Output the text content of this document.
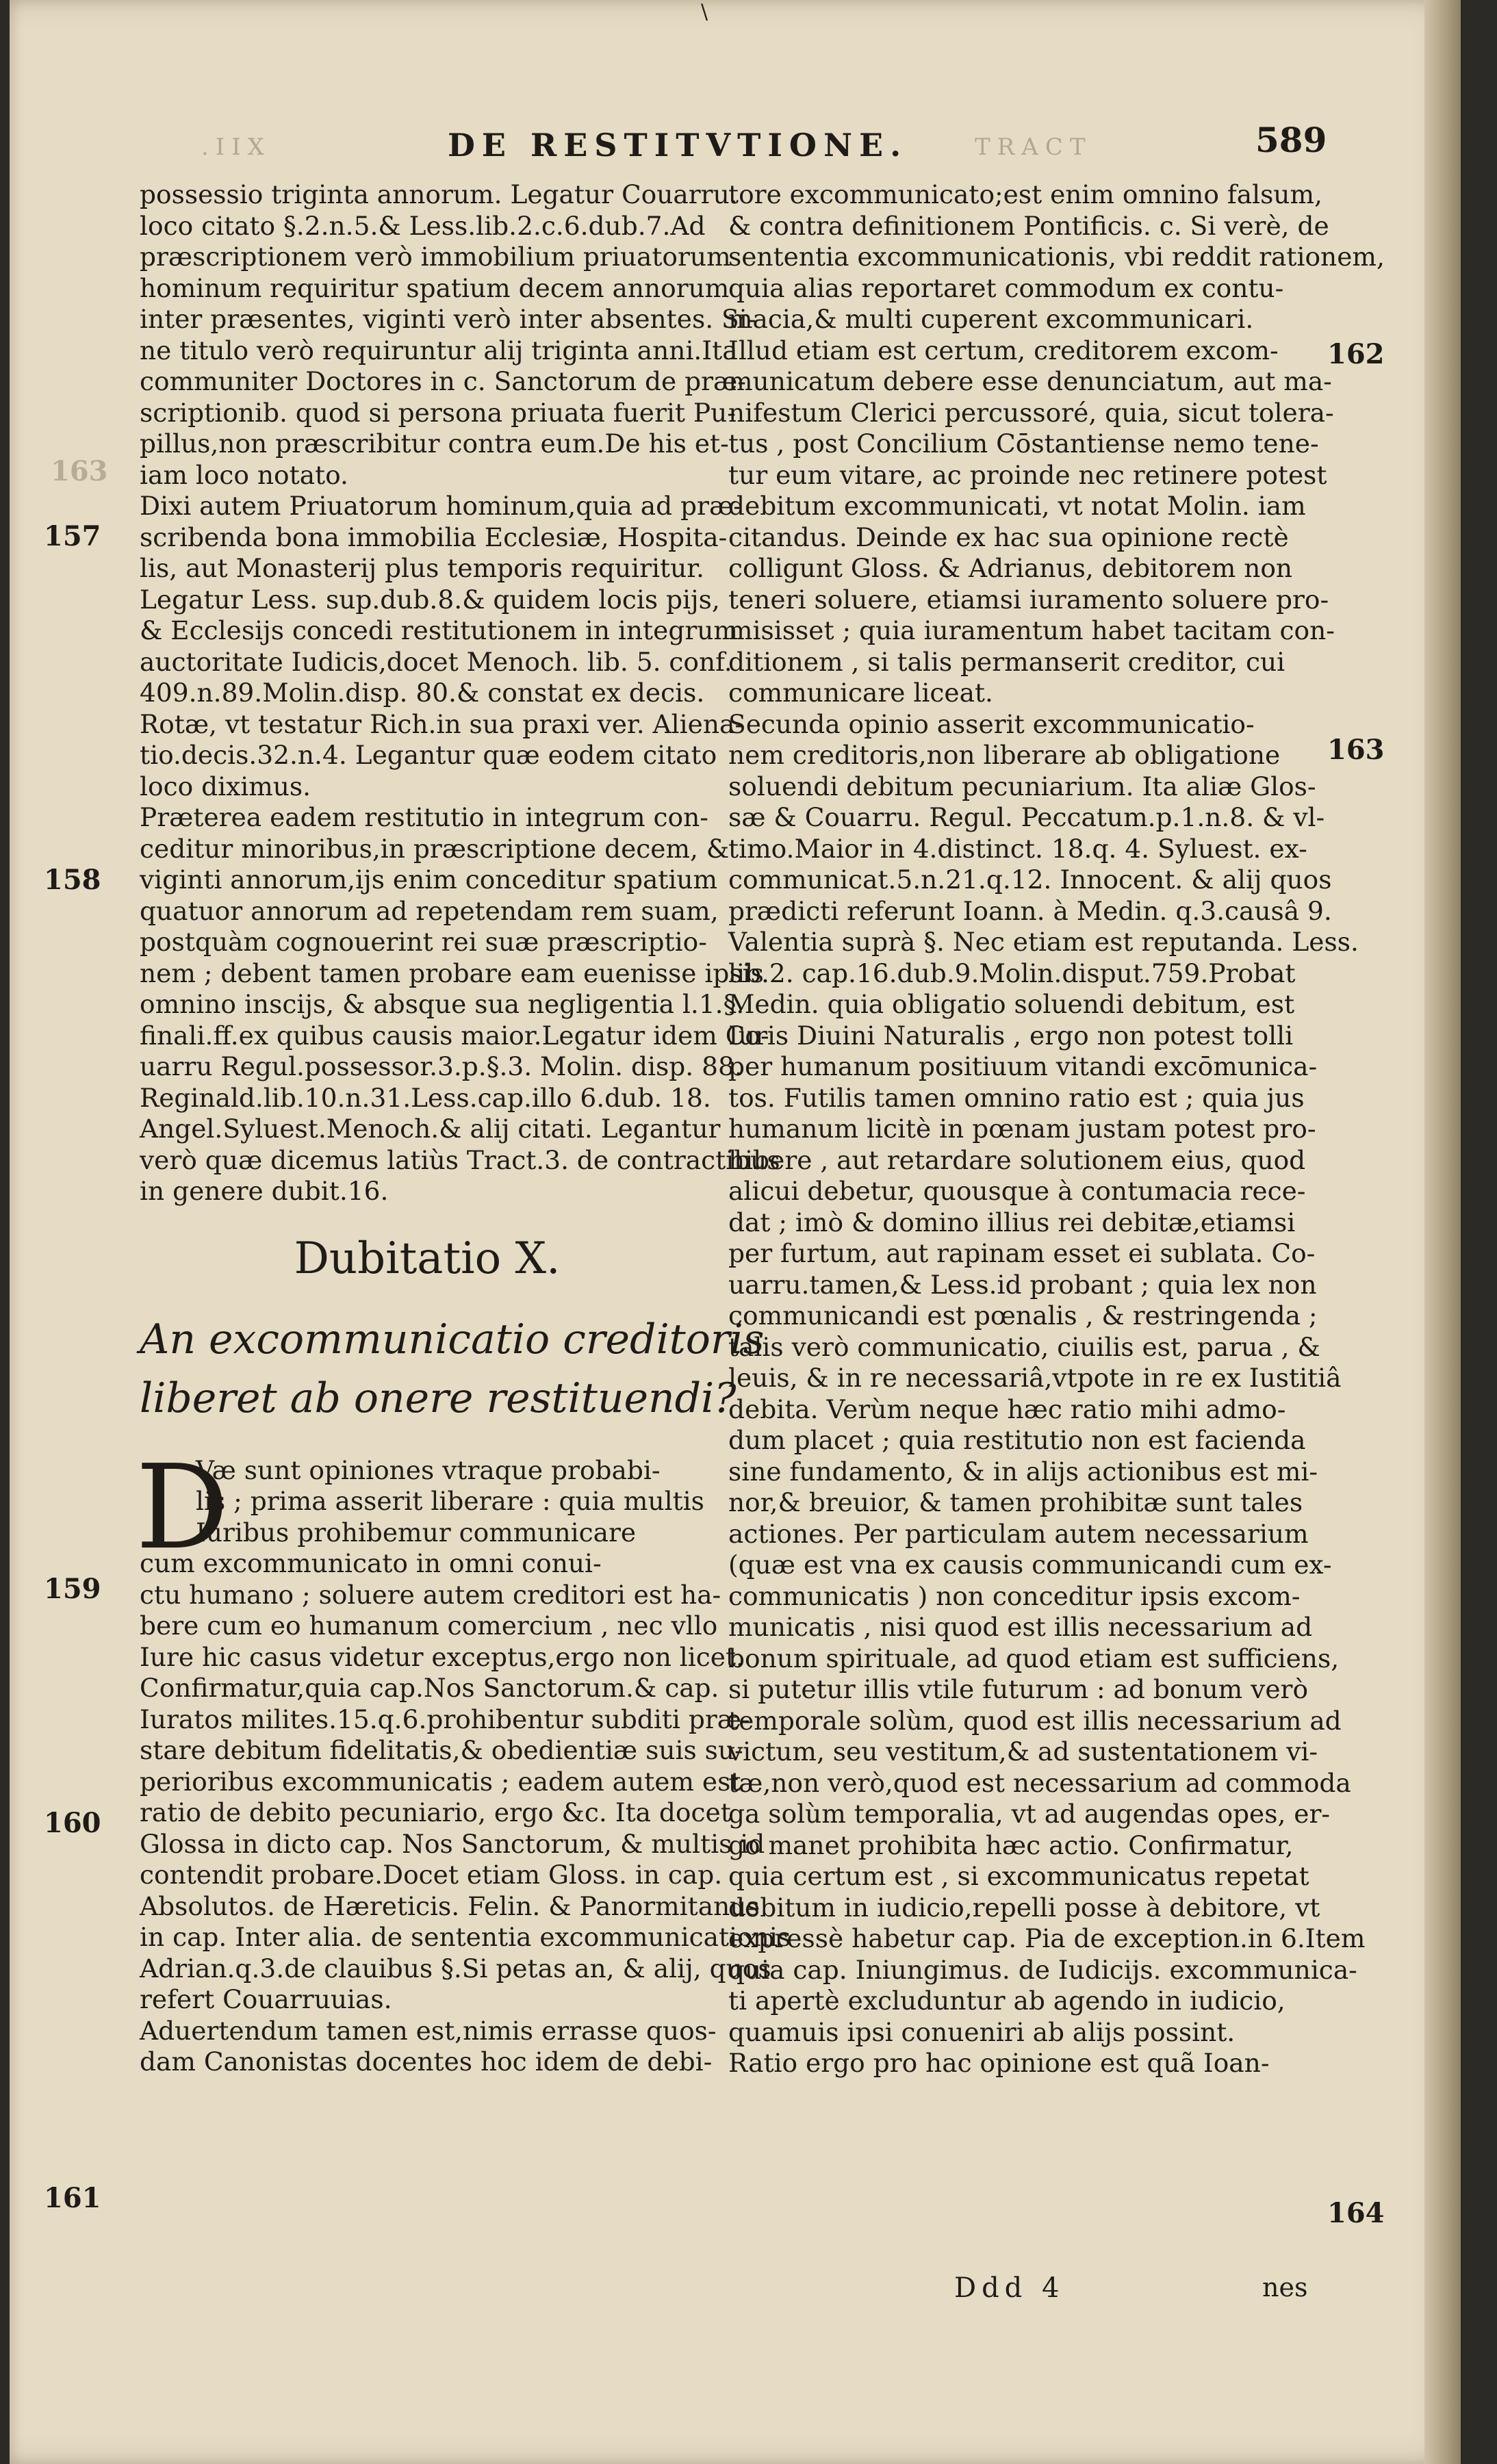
.IIX	DE RESTITVTIONE.	TRACT	589
\
possessio triginta annorum. Legatur Couarru.
loco citato §.2.n.5.& Less.lib.2.c.6.dub.7.Ad
præscriptionem verò immobilium priuatorum
hominum requiritur spatium decem annorum
inter præsentes, viginti verò inter absentes. Si-
ne titulo verò requiruntur alij triginta anni.Ita
communiter Doctores in c. Sanctorum de præ-
scriptionib. quod si persona priuata fuerit Pu-
pillus,non præscribitur contra eum.De his et-
iam loco notato.
Dixi autem Priuatorum hominum,quia ad præ-
scribenda bona immobilia Ecclesiæ, Hospita-
lis, aut Monasterij plus temporis requiritur.
Legatur Less. sup.dub.8.& quidem locis pijs,
& Ecclesijs concedi restitutionem in integrum
auctoritate Iudicis,docet Menoch. lib. 5. conf.
409.n.89.Molin.disp. 80.& constat ex decis.
Rotæ, vt testatur Rich.in sua praxi ver. Aliena-
tio.decis.32.n.4. Legantur quæ eodem citato
loco diximus.
Præterea eadem restitutio in integrum con-
ceditur minoribus,in præscriptione decem, &
viginti annorum,ijs enim conceditur spatium
quatuor annorum ad repetendam rem suam,
postquàm cognouerint rei suæ præscriptio-
nem ; debent tamen probare eam euenisse ipsis
omnino inscijs, & absque sua negligentia l.1.§.
finali.ff.ex quibus causis maior.Legatur idem Co-
uarru Regul.possessor.3.p.§.3. Molin. disp. 88.
Reginald.lib.10.n.31.Less.cap.illo 6.dub. 18.
Angel.Syluest.Menoch.& alij citati. Legantur
verò quæ dicemus latiùs Tract.3. de contractibus
in genere dubit.16.
Dubitatio X.
An excommunicatio creditoris
liberet ab onere restituendi?
D
Væ sunt opiniones vtraque probabi-
lis ; prima asserit liberare : quia multis
Iuribus prohibemur communicare
cum excommunicato in omni conui-
ctu humano ; soluere autem creditori est ha-
bere cum eo humanum comercium , nec vllo
Iure hic casus videtur exceptus,ergo non licet.
Confirmatur,quia cap.Nos Sanctorum.& cap.
Iuratos milites.15.q.6.prohibentur subditi præ-
stare debitum fidelitatis,& obedientiæ suis su-
perioribus excommunicatis ; eadem autem est
ratio de debito pecuniario, ergo &c. Ita docet
Glossa in dicto cap. Nos Sanctorum, & multis id
contendit probare.Docet etiam Gloss. in cap.
Absolutos. de Hæreticis. Felin. & Panormitanus
in cap. Inter alia. de sententia excommunicationis
Adrian.q.3.de clauibus §.Si petas an, & alij, quos
refert Couarruuias.
Aduertendum tamen est,nimis errasse quos-
dam Canonistas docentes hoc idem de debi-
tore excommunicato;est enim omnino falsum,
& contra definitionem Pontificis. c. Si verè, de
sententia excommunicationis, vbi reddit rationem,
quia alias reportaret commodum ex contu-
macia,& multi cuperent excommunicari.
Illud etiam est certum, creditorem excom-
municatum debere esse denunciatum, aut ma-
nifestum Clerici percussoré, quia, sicut tolera-
tus , post Concilium Cōstantiense nemo tene-
tur eum vitare, ac proinde nec retinere potest
debitum excommunicati, vt notat Molin. iam
citandus. Deinde ex hac sua opinione rectè
colligunt Gloss. & Adrianus, debitorem non
teneri soluere, etiamsi iuramento soluere pro-
misisset ; quia iuramentum habet tacitam con-
ditionem , si talis permanserit creditor, cui
communicare liceat.
Secunda opinio asserit excommunicatio-
nem creditoris,non liberare ab obligatione
soluendi debitum pecuniarium. Ita aliæ Glos-
sæ & Couarru. Regul. Peccatum.p.1.n.8. & vl-
timo.Maior in 4.distinct. 18.q. 4. Syluest. ex-
communicat.5.n.21.q.12. Innocent. & alij quos
prædicti referunt Ioann. à Medin. q.3.causâ 9.
Valentia suprà §. Nec etiam est reputanda. Less.
lib.2. cap.16.dub.9.Molin.disput.759.Probat
Medin. quia obligatio soluendi debitum, est
Iuris Diuini Naturalis , ergo non potest tolli
per humanum positiuum vitandi excōmunica-
tos. Futilis tamen omnino ratio est ; quia jus
humanum licitè in pœnam justam potest pro-
hibere , aut retardare solutionem eius, quod
alicui debetur, quousque à contumacia rece-
dat ; imò & domino illius rei debitæ,etiamsi
per furtum, aut rapinam esset ei sublata. Co-
uarru.tamen,& Less.id probant ; quia lex non
communicandi est pœnalis , & restringenda ;
talis verò communicatio, ciuilis est, parua , &
leuis, & in re necessariâ,vtpote in re ex Iustitiâ
debita. Verùm neque hæc ratio mihi admo-
dum placet ; quia restitutio non est facienda
sine fundamento, & in alijs actionibus est mi-
nor,& breuior, & tamen prohibitæ sunt tales
actiones. Per particulam autem necessarium
(quæ est vna ex causis communicandi cum ex-
communicatis ) non conceditur ipsis excom-
municatis , nisi quod est illis necessarium ad
bonum spirituale, ad quod etiam est sufficiens,
si putetur illis vtile futurum : ad bonum verò
temporale solùm, quod est illis necessarium ad
victum, seu vestitum,& ad sustentationem vi-
tæ,non verò,quod est necessarium ad commoda
ga solùm temporalia, vt ad augendas opes, er-
go manet prohibita hæc actio. Confirmatur,
quia certum est , si excommunicatus repetat
debitum in iudicio,repelli posse à debitore, vt
expressè habetur cap. Pia de exception.in 6.Item
quia cap. Iniungimus. de Iudicijs. excommunica-
ti apertè excluduntur ab agendo in iudicio,
quamuis ipsi conueniri ab alijs possint.
Ratio ergo pro hac opinione est quã Ioan-
157
158
159
160
161
163
162
163
164
Ddd 4	nes
